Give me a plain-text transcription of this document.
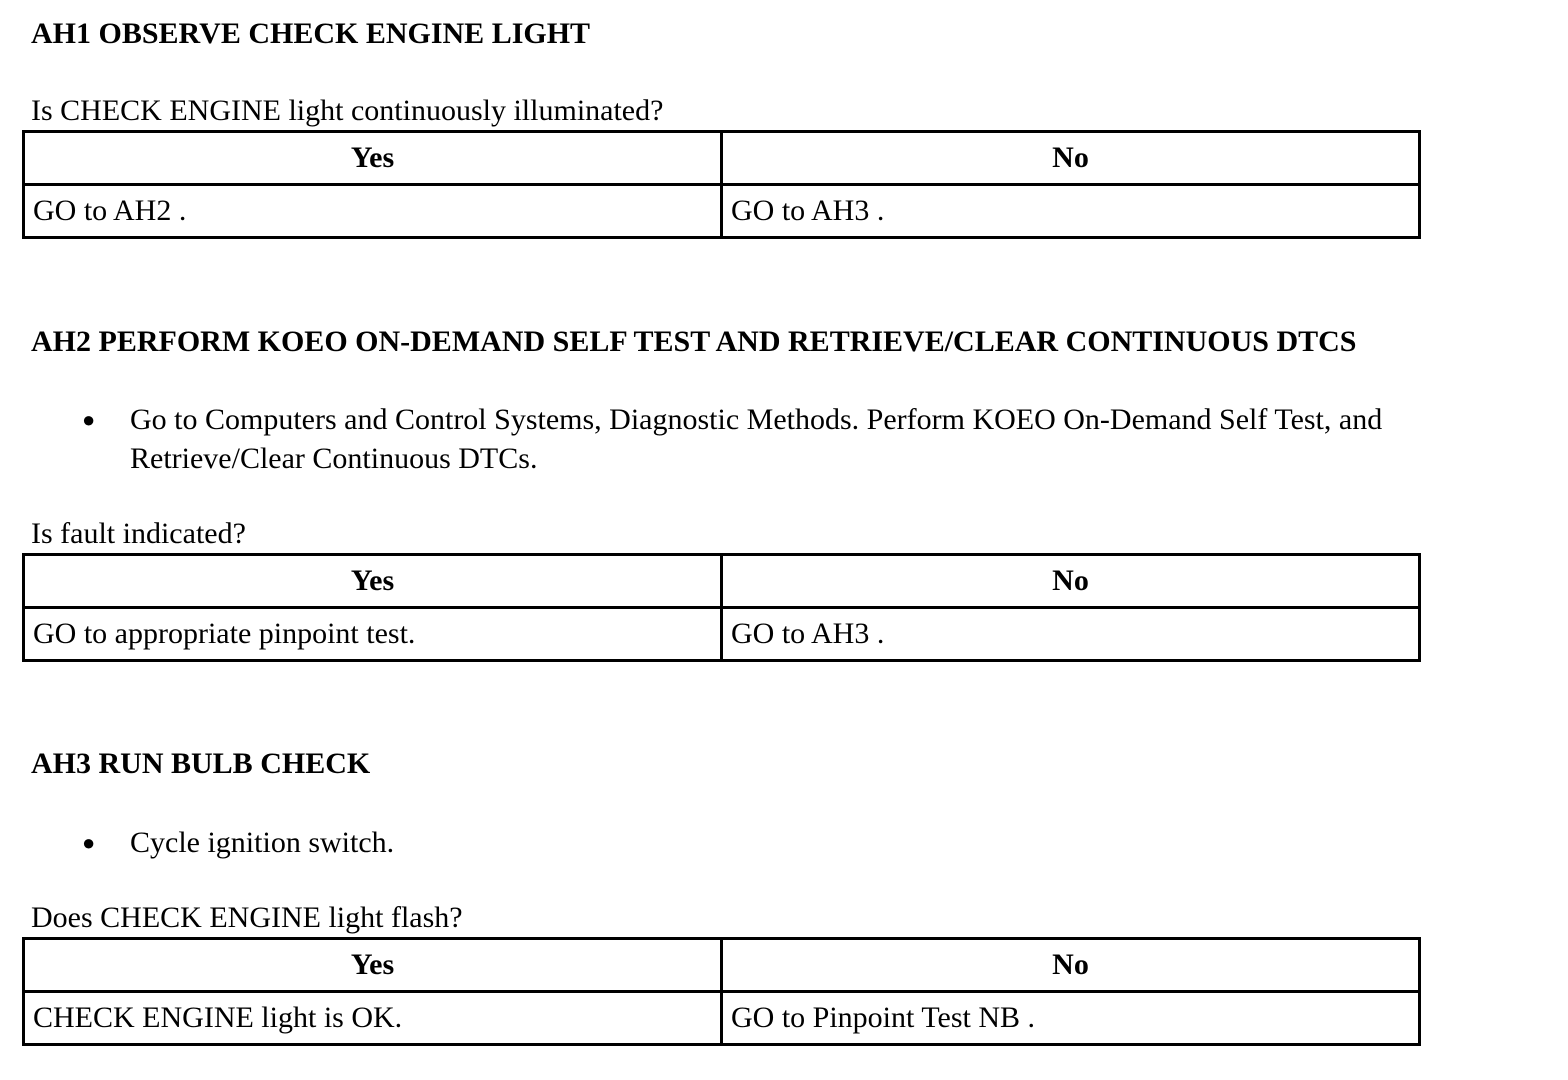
AH1 OBSERVE CHECK ENGINE LIGHT

Is CHECK ENGINE light continuously illuminated?

Yes	No
GO to AH2 .	GO to AH3 .
AH2 PERFORM KOEO ON-DEMAND SELF TEST AND RETRIEVE/CLEAR CONTINUOUS DTCS
● Go to Computers and Control Systems, Diagnostic Methods. Perform KOEO On-Demand Self Test, and Retrieve/Clear Continuous DTCs.

Is fault indicated?

Yes	No
GO to appropriate pinpoint test.	GO to AH3 .
AH3 RUN BULB CHECK
● Cycle ignition switch.

Does CHECK ENGINE light flash?

Yes	No
CHECK ENGINE light is OK.	GO to Pinpoint Test NB .
